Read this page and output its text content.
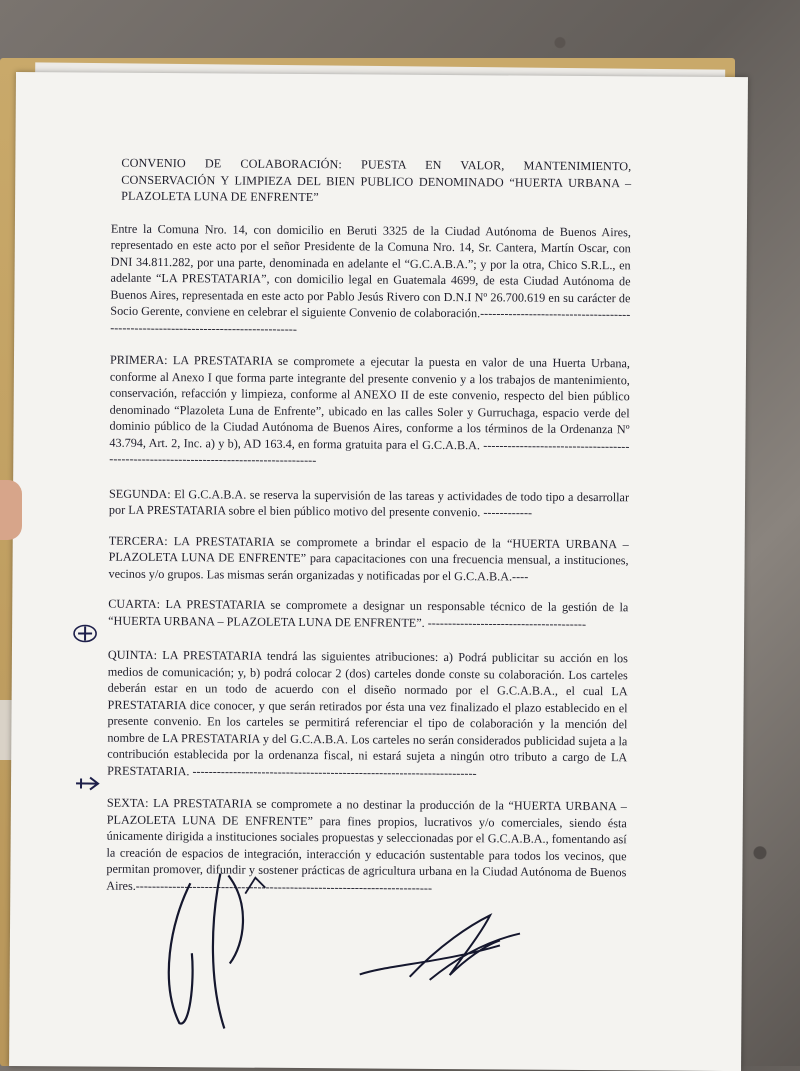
CONVENIO DE COLABORACIÓN: PUESTA EN VALOR, MANTENIMIENTO, CONSERVACIÓN Y LIMPIEZA DEL BIEN PUBLICO DENOMINADO “HUERTA URBANA – PLAZOLETA LUNA DE ENFRENTE”

Entre la Comuna Nro. 14, con domicilio en Beruti 3325 de la Ciudad Autónoma de Buenos Aires, representado en este acto por el señor Presidente de la Comuna Nro. 14, Sr. Cantera, Martín Oscar, con DNI 34.811.282, por una parte, denominada en adelante el “G.C.A.B.A.”; y por la otra, Chico S.R.L., en adelante “LA PRESTATARIA”, con domicilio legal en Guatemala 4699, de esta Ciudad Autónoma de Buenos Aires, representada en este acto por Pablo Jesús Rivero con D.N.I Nº 26.700.619 en su carácter de Socio Gerente, conviene en celebrar el siguiente Convenio de colaboración.-----------------------------------------------------------------------------------

PRIMERA: LA PRESTATARIA se compromete a ejecutar la puesta en valor de una Huerta Urbana, conforme al Anexo I que forma parte integrante del presente convenio y a los trabajos de mantenimiento, conservación, refacción y limpieza, conforme al ANEXO II de este convenio, respecto del bien público denominado “Plazoleta Luna de Enfrente”, ubicado en las calles Soler y Gurruchaga, espacio verde del dominio público de la Ciudad Autónoma de Buenos Aires, conforme a los términos de la Ordenanza Nº 43.794, Art. 2, Inc. a) y b), AD 163.4, en forma gratuita para el G.C.A.B.A. ---------------------------------------------------------------------------------------

SEGUNDA: El G.C.A.B.A. se reserva la supervisión de las tareas y actividades de todo tipo a desarrollar por LA PRESTATARIA sobre el bien público motivo del presente convenio. ------------

TERCERA: LA PRESTATARIA se compromete a brindar el espacio de la “HUERTA URBANA – PLAZOLETA LUNA DE ENFRENTE” para capacitaciones con una frecuencia mensual, a instituciones, vecinos y/o grupos. Las mismas serán organizadas y notificadas por el G.C.A.B.A.----

CUARTA: LA PRESTATARIA se compromete a designar un responsable técnico de la gestión de la “HUERTA URBANA – PLAZOLETA LUNA DE ENFRENTE”. ---------------------------------------

QUINTA: LA PRESTATARIA tendrá las siguientes atribuciones: a) Podrá publicitar su acción en los medios de comunicación; y, b) podrá colocar 2 (dos) carteles donde conste su colaboración. Los carteles deberán estar en un todo de acuerdo con el diseño normado por el G.C.A.B.A., el cual LA PRESTATARIA dice conocer, y que serán retirados por ésta una vez finalizado el plazo establecido en el presente convenio. En los carteles se permitirá referenciar el tipo de colaboración y la mención del nombre de LA PRESTATARIA y del G.C.A.B.A. Los carteles no serán considerados publicidad sujeta a la contribución establecida por la ordenanza fiscal, ni estará sujeta a ningún otro tributo a cargo de LA PRESTATARIA. ----------------------------------------------------------------------

SEXTA: LA PRESTATARIA se compromete a no destinar la producción de la “HUERTA URBANA – PLAZOLETA LUNA DE ENFRENTE” para fines propios, lucrativos y/o comerciales, siendo ésta únicamente dirigida a instituciones sociales propuestas y seleccionadas por el G.C.A.B.A., fomentando así la creación de espacios de integración, interacción y educación sustentable para todos los vecinos, que permitan promover, difundir y sostener prácticas de agricultura urbana en la Ciudad Autónoma de Buenos Aires.-------------------------------------------------------------------------
